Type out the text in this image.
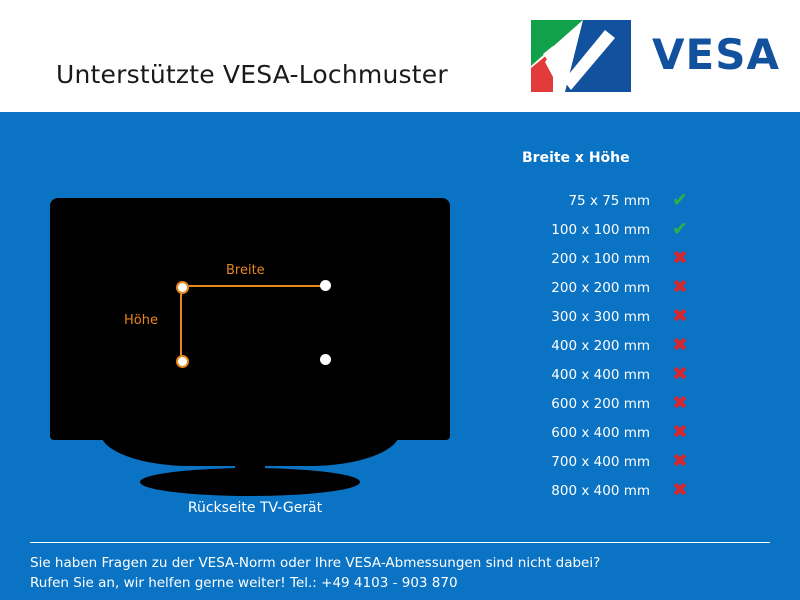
Unterstützte VESA-Lochmuster	VESA
Breite
Höhe
Rückseite TV-Gerät
Breite x Höhe
75 x 75 mm	✔
100 x 100 mm	✔
200 x 100 mm	✖
200 x 200 mm	✖
300 x 300 mm	✖
400 x 200 mm	✖
400 x 400 mm	✖
600 x 200 mm	✖
600 x 400 mm	✖
700 x 400 mm	✖
800 x 400 mm	✖
Sie haben Fragen zu der VESA-Norm oder Ihre VESA-Abmessungen sind nicht dabei?
Rufen Sie an, wir helfen gerne weiter! Tel.: +49 4103 - 903 870
